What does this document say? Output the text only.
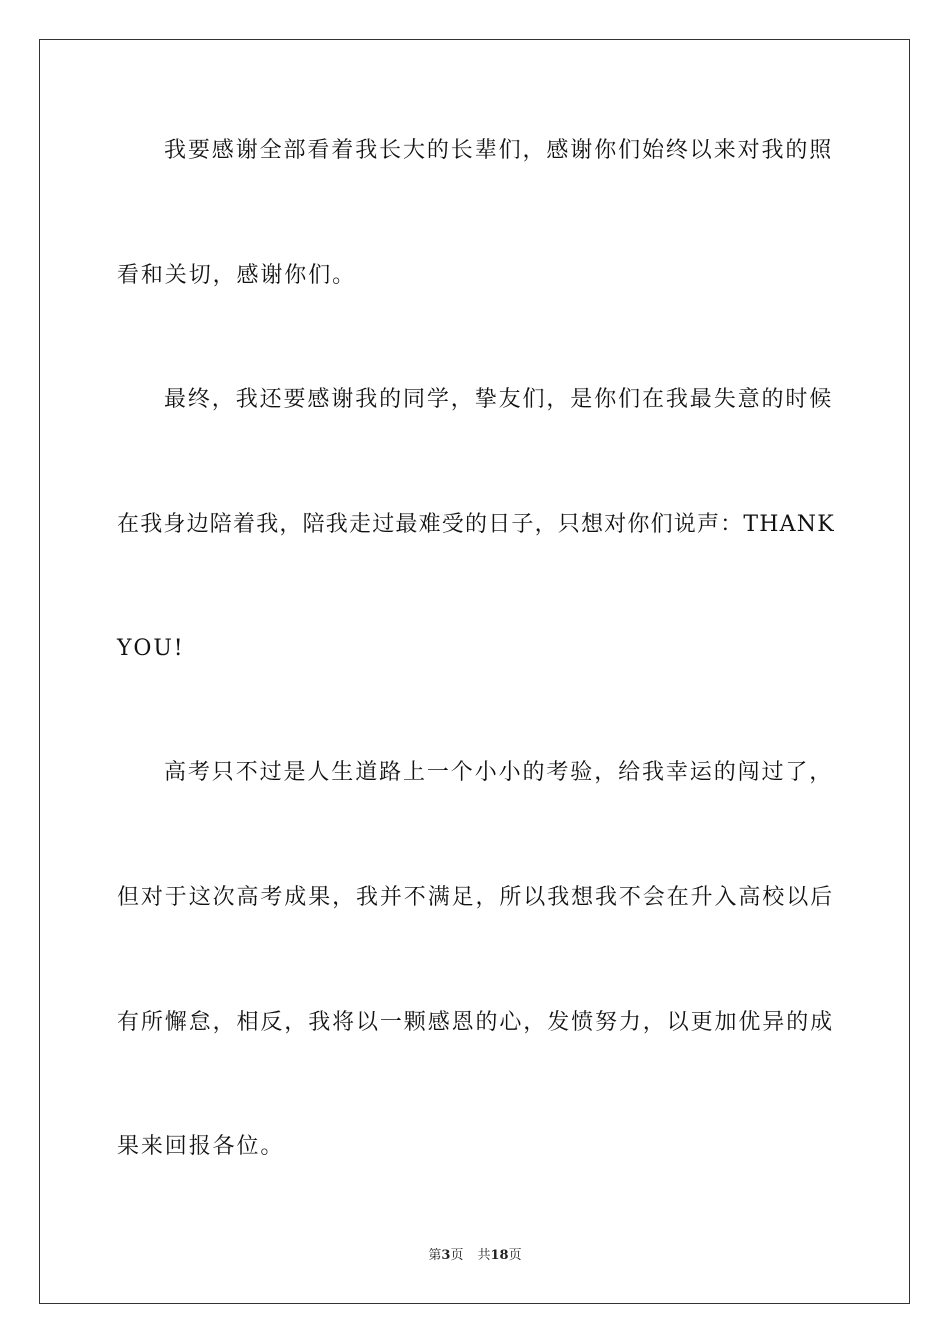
我要感谢全部看着我长大的长辈们，感谢你们始终以来对我的照
看和关切，感谢你们。
最终，我还要感谢我的同学，挚友们，是你们在我最失意的时候
在我身边陪着我，陪我走过最难受的日子，只想对你们说声：THANK
YOU!
高考只不过是人生道路上一个小小的考验，给我幸运的闯过了，
但对于这次高考成果，我并不满足，所以我想我不会在升入高校以后
有所懈怠，相反，我将以一颗感恩的心，发愤努力，以更加优异的成
果来回报各位。
第3页 共18页
